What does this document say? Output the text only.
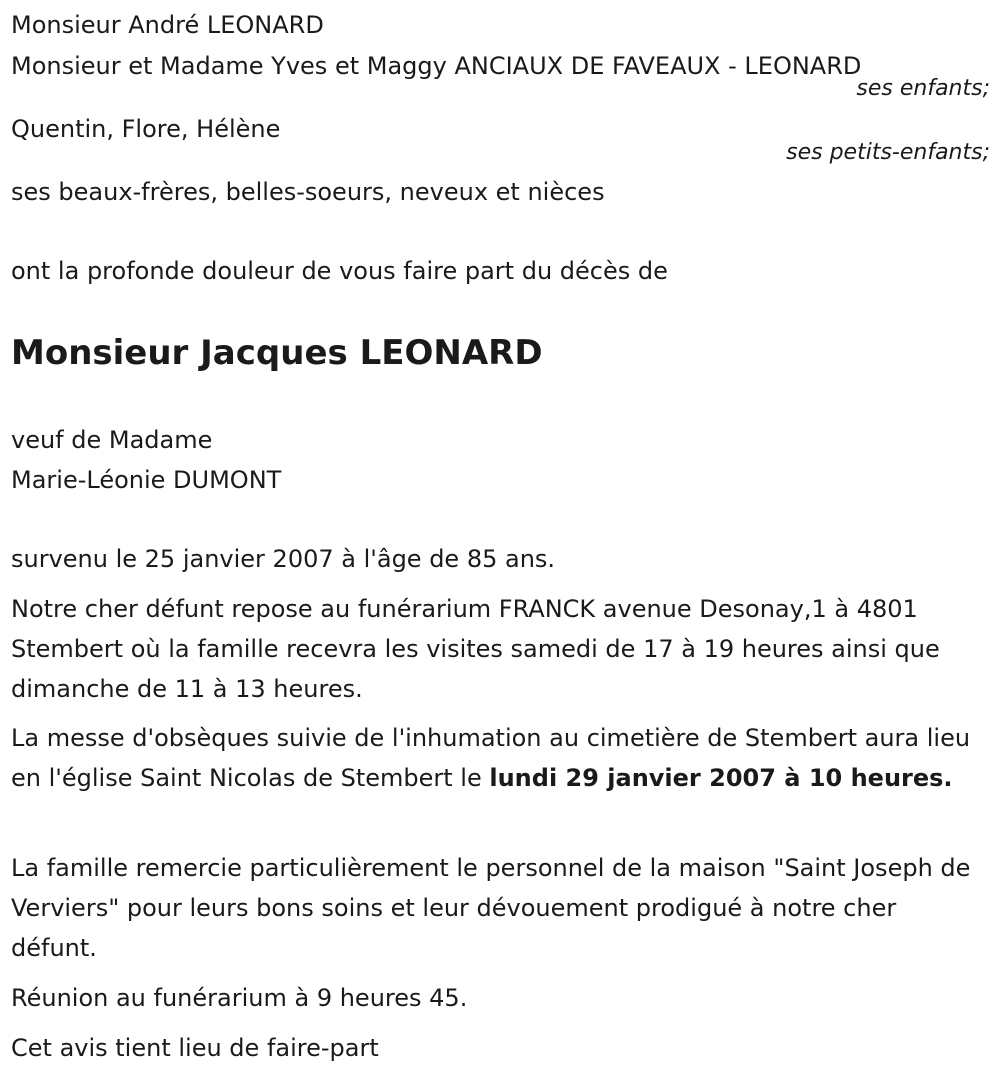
Monsieur André LEONARD

Monsieur et Madame Yves et Maggy ANCIAUX DE FAVEAUX - LEONARD

ses enfants;

Quentin, Flore, Hélène

ses petits-enfants;

ses beaux-frères, belles-soeurs, neveux et nièces

ont la profonde douleur de vous faire part du décès de

Monsieur Jacques LEONARD

veuf de Madame

Marie-Léonie DUMONT

survenu le 25 janvier 2007 à l'âge de 85 ans.

Notre cher défunt repose au funérarium FRANCK avenue Desonay,1 à 4801 Stembert où la famille recevra les visites samedi de 17 à 19 heures ainsi que dimanche de 11 à 13 heures.

La messe d'obsèques suivie de l'inhumation au cimetière de Stembert aura lieu en l'église Saint Nicolas de Stembert le lundi 29 janvier 2007 à 10 heures.

La famille remercie particulièrement le personnel de la maison "Saint Joseph de Verviers" pour leurs bons soins et leur dévouement prodigué à notre cher défunt.

Réunion au funérarium à 9 heures 45.

Cet avis tient lieu de faire-part
